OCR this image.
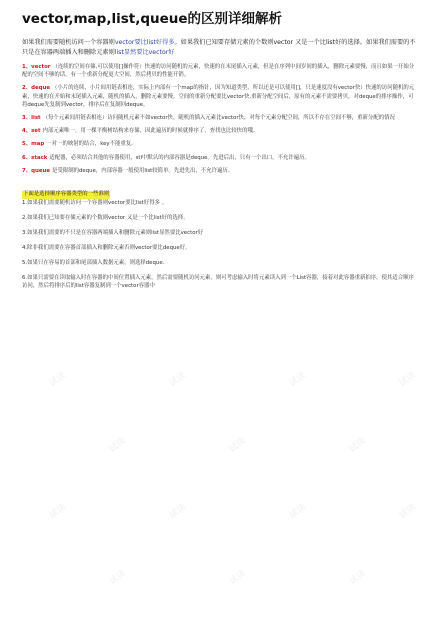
vector,map,list,queue的区别详细解析

如果我们需要随机访问一个容器则vector要比list好得多。如果我们已知要存储元素的个数则vector 又是一个比list好的选择。如果我们需要的不只是在容器两端插入和删除元素则list显然要比vector好

1、vector （连续的空间存储,可以使用[]操作符）快速的访问随机的元素，快速的在末尾插入元素，但是在序列中间岁间的插入，删除元素要慢，而且如果一开始分配的空间不够的话，有一个重新分配更大空间，然后拷贝的性能开销。

2、deque （小片的连续，小片间用链表相连，实际上内部有一个map的指针，因为知道类型，所以还是可以使用[]，只是速度没有vector快）快速的访问随机的元素，快速的在开始和末尾插入元素，随机的插入，删除元素要慢，空间的重新分配要比vector快,重新分配空间后，原有的元素不需要拷贝。对deque的排序操作，可将deque先复制到vector，排序后在复制回deque。

3、list （每个元素间用链表相连）访问随机元素不如vector快，随机的插入元素比vector快，对每个元素分配空间，所以不存在空间不够，重新分配的情况

4、set 内部元素唯一，用一棵平衡树结构来存储，因此遍历的时候就排序了，查找也比较快的哦。

5、map 一对一的映射的结合，key不能重复。

6、stack 适配器，必须结合其他的容器使用，stl中默认的内部容器是deque。先进后出，只有一个出口，不允许遍历。

7、queue 是受限制的deque，内部容器一般使用list较简单。先进先出，不允许遍历。

下面是选择顺序容器类型的一些准则

1.如果我们需要随机访问一个容器则vector要比list好得多 。

2.如果我们已知要存储元素的个数则vector 又是一个比list好的选择。

3.如果我们需要的不只是在容器两端插入和删除元素则list显然要比vector好

4.除非我们需要在容器首部插入和删除元素否则vector要比deque好。

5.如果只在容易的首部和尾部插入数据元素，则选择deque.

6.如果只需要在读取输入时在容器的中间位置插入元素，然后需要随机访问元素，则可考虑输入时将元素读入到一个List容器，接着对此容器重新拍序，使其适合顺序访问，然后将排序后的list容器复制到一个vector容器中

试读	试读	试读	试读
试读	试读	试读
试读	试读	试读	试读
试读	试读	试读
